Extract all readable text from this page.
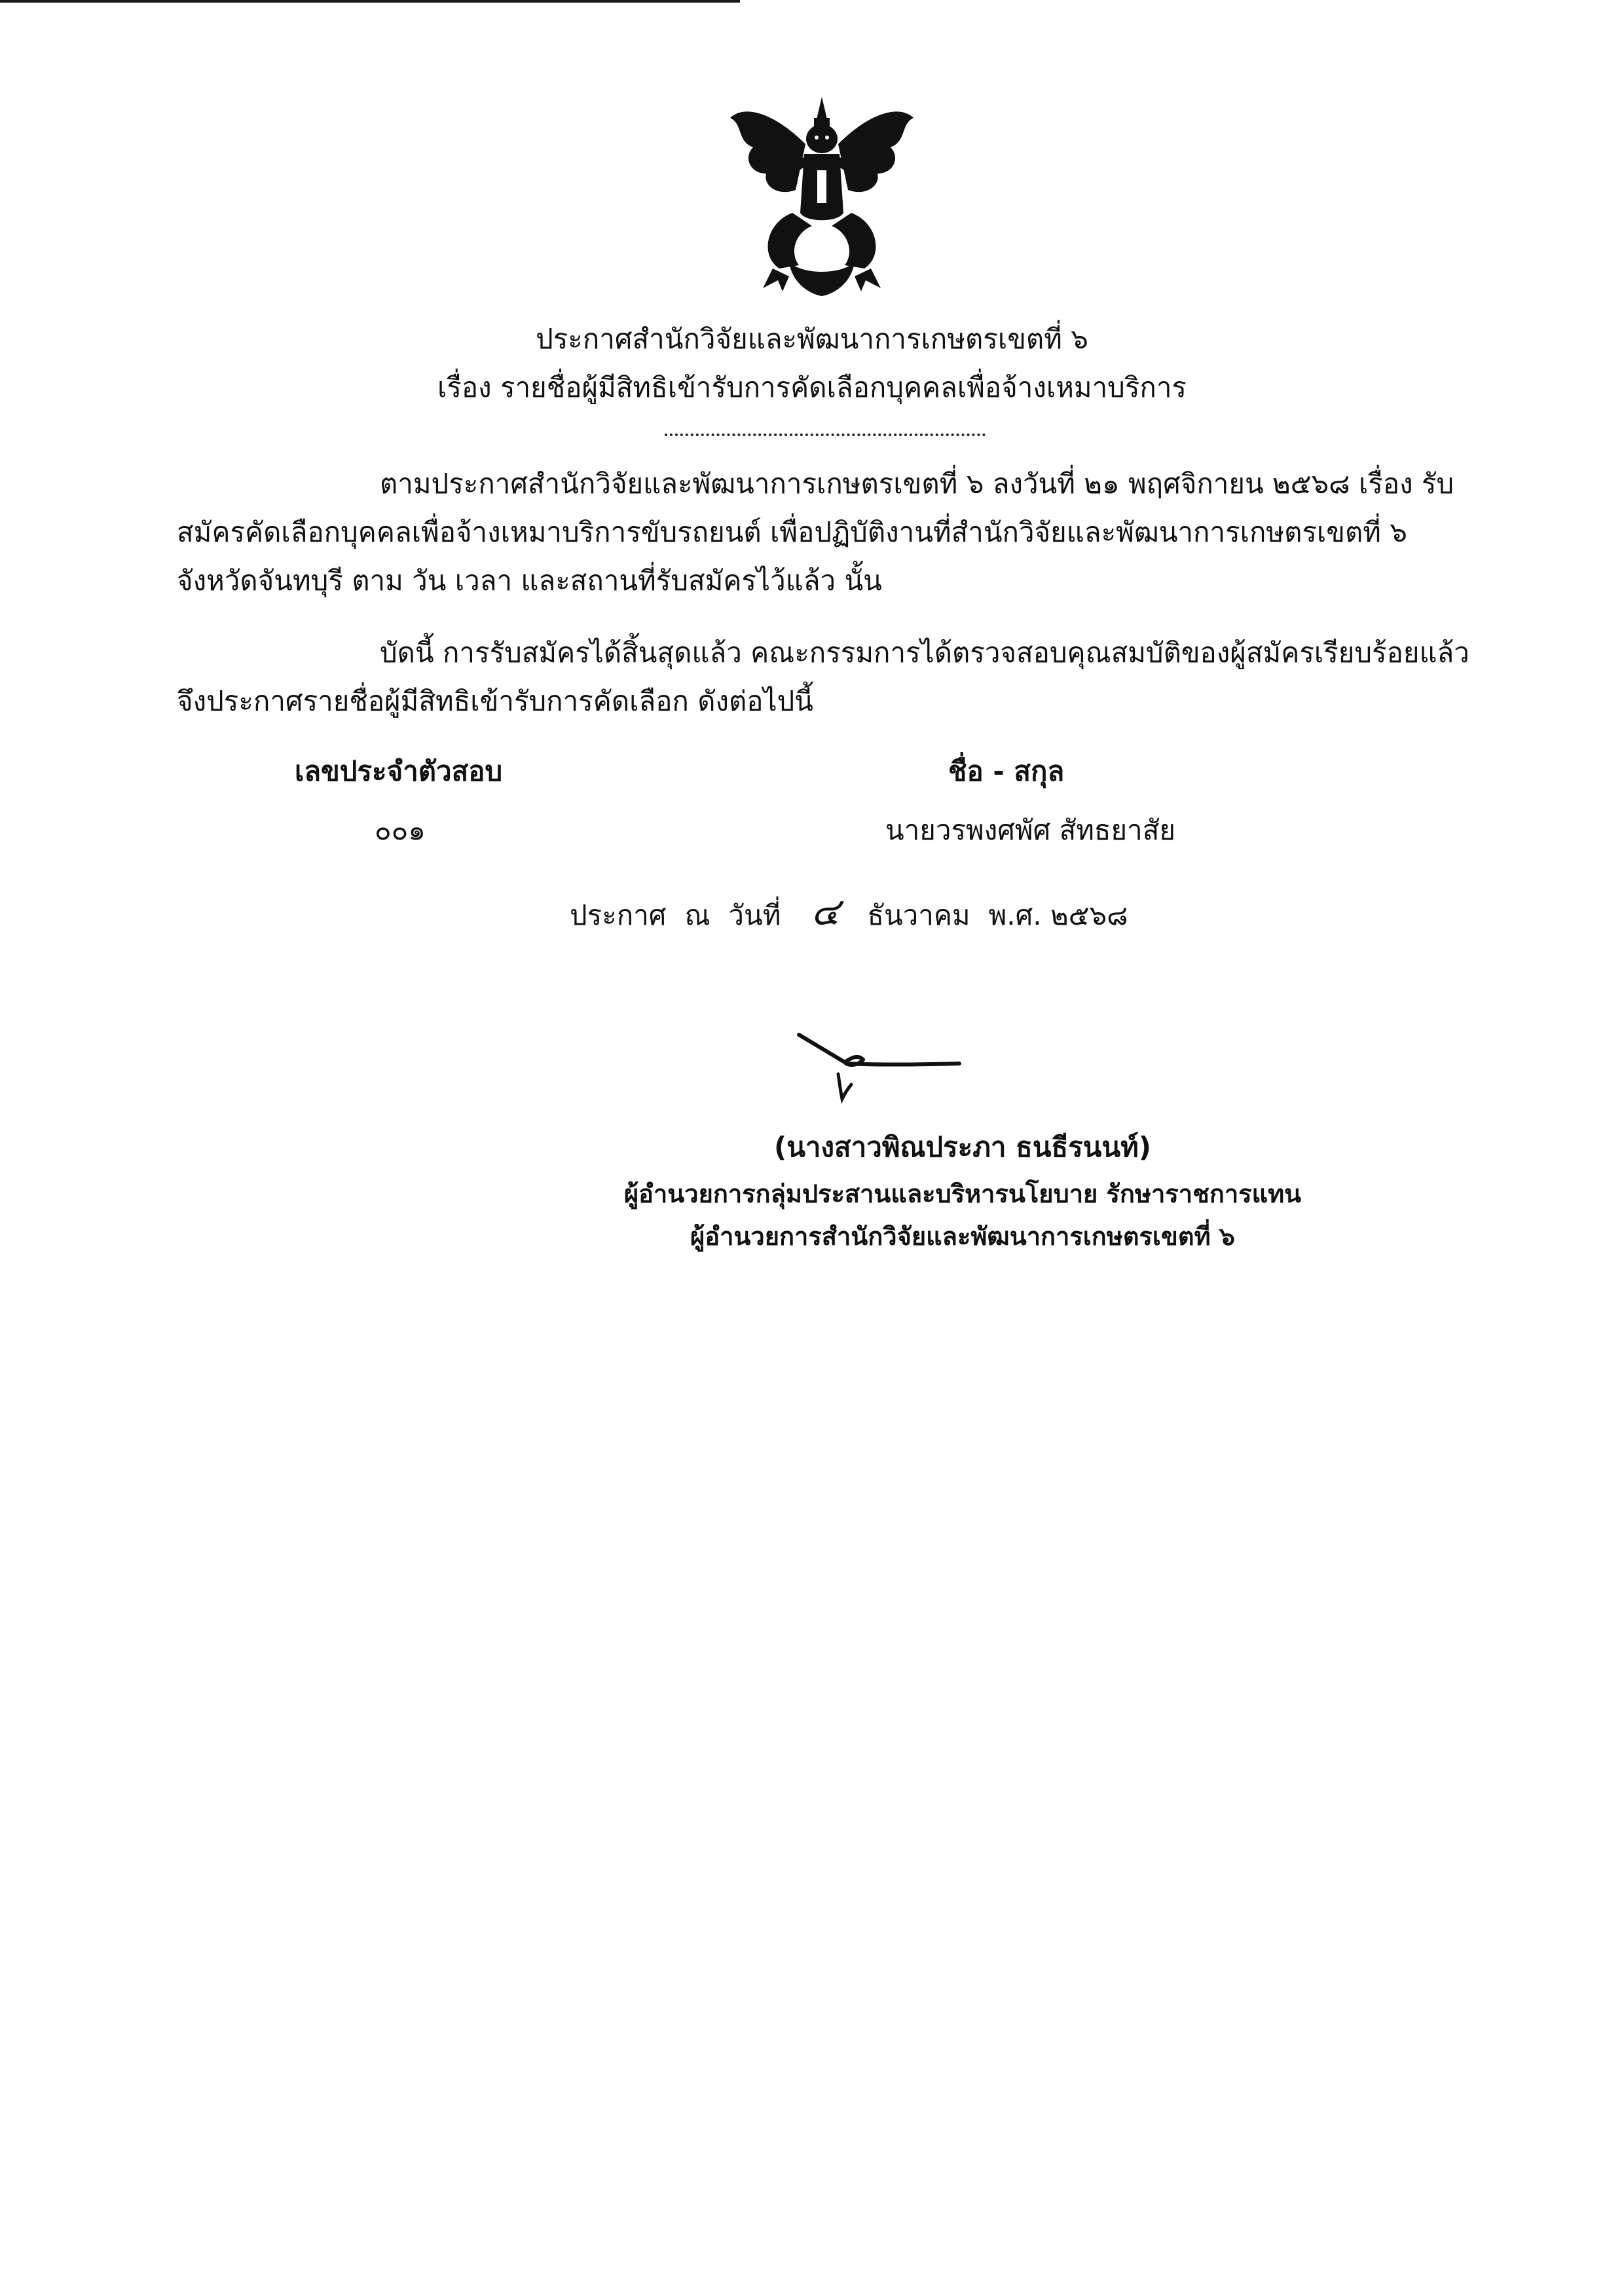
ประกาศสำนักวิจัยและพัฒนาการเกษตรเขตที่ ๖
เรื่อง รายชื่อผู้มีสิทธิเข้ารับการคัดเลือกบุคคลเพื่อจ้างเหมาบริการ
ตามประกาศสำนักวิจัยและพัฒนาการเกษตรเขตที่ ๖ ลงวันที่ ๒๑ พฤศจิกายน ๒๕๖๘ เรื่อง รับสมัครคัดเลือกบุคคลเพื่อจ้างเหมาบริการขับรถยนต์ เพื่อปฏิบัติงานที่สำนักวิจัยและพัฒนาการเกษตรเขตที่ ๖ จังหวัดจันทบุรี ตาม วัน เวลา และสถานที่รับสมัครไว้แล้ว นั้น
บัดนี้ การรับสมัครได้สิ้นสุดแล้ว คณะกรรมการได้ตรวจสอบคุณสมบัติของผู้สมัครเรียบร้อยแล้ว จึงประกาศรายชื่อผู้มีสิทธิเข้ารับการคัดเลือก ดังต่อไปนี้
เลขประจำตัวสอบ	ชื่อ - สกุล
๐๐๑	นายวรพงศพัศ สัทธยาสัย
ประกาศ ณ วันที่ ๔ ธันวาคม พ.ศ. ๒๕๖๘
(นางสาวพิณประภา ธนธีรนนท์)
ผู้อำนวยการกลุ่มประสานและบริหารนโยบาย รักษาราชการแทน
ผู้อำนวยการสำนักวิจัยและพัฒนาการเกษตรเขตที่ ๖
